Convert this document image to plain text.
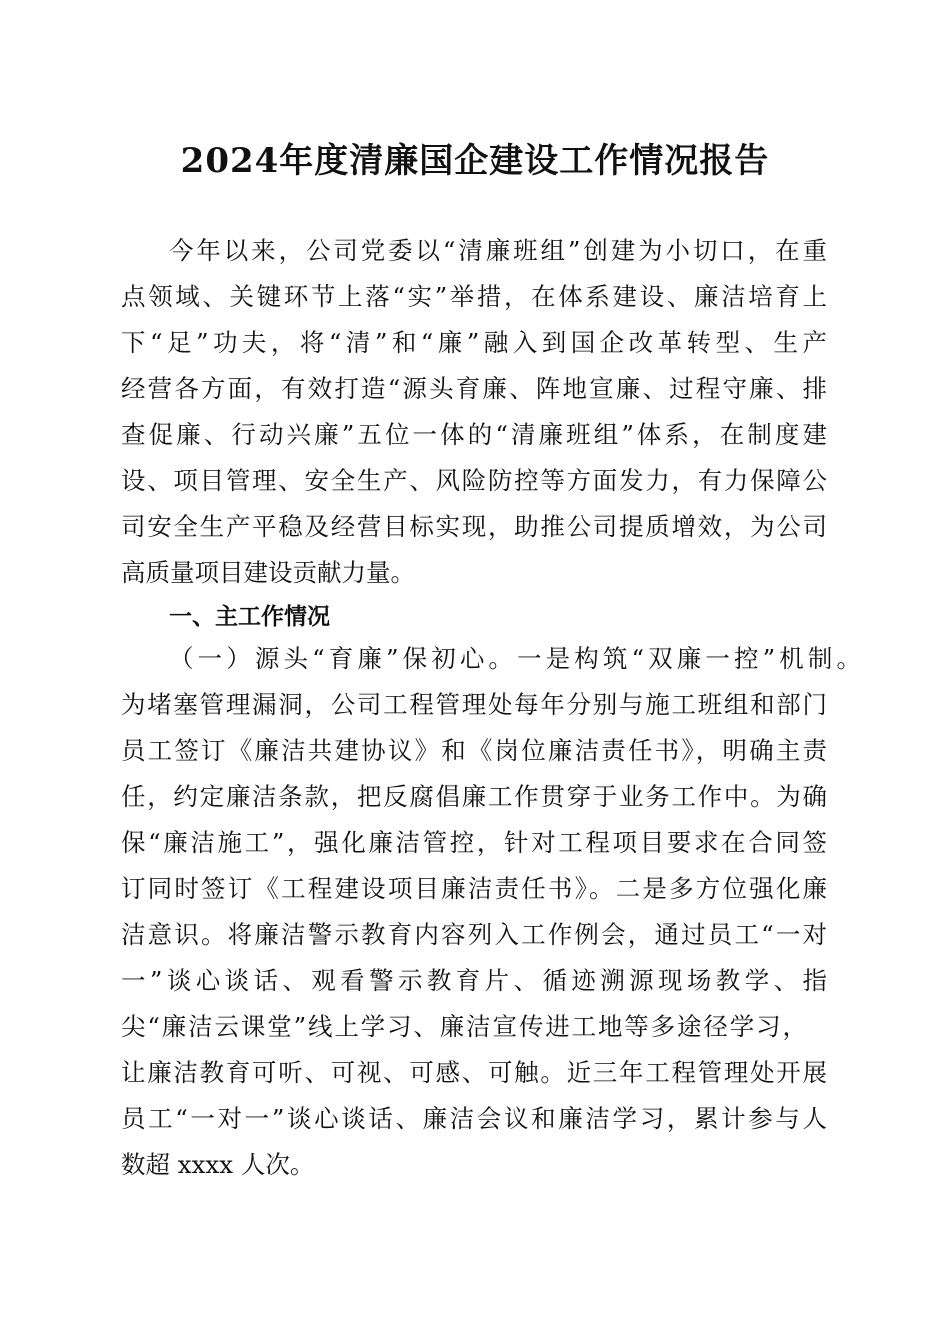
2024年度清廉国企建设工作情况报告
今年以来，公司党委以“清廉班组”创建为小切口，在重
点领域、关键环节上落“实”举措，在体系建设、廉洁培育上
下“足”功夫，将“清”和“廉”融入到国企改革转型、生产
经营各方面，有效打造“源头育廉、阵地宣廉、过程守廉、排
查促廉、行动兴廉”五位一体的“清廉班组”体系，在制度建
设、项目管理、安全生产、风险防控等方面发力，有力保障公
司安全生产平稳及经营目标实现，助推公司提质增效，为公司
高质量项目建设贡献力量。
一、主工作情况
（一）源头“育廉”保初心。一是构筑“双廉一控”机制。
为堵塞管理漏洞，公司工程管理处每年分别与施工班组和部门
员工签订《廉洁共建协议》和《岗位廉洁责任书》，明确主责
任，约定廉洁条款，把反腐倡廉工作贯穿于业务工作中。为确
保“廉洁施工”，强化廉洁管控，针对工程项目要求在合同签
订同时签订《工程建设项目廉洁责任书》。二是多方位强化廉
洁意识。将廉洁警示教育内容列入工作例会，通过员工“一对
一”谈心谈话、观看警示教育片、循迹溯源现场教学、指
尖“廉洁云课堂”线上学习、廉洁宣传进工地等多途径学习，
让廉洁教育可听、可视、可感、可触。近三年工程管理处开展
员工“一对一”谈心谈话、廉洁会议和廉洁学习，累计参与人
数超 xxxx 人次。
